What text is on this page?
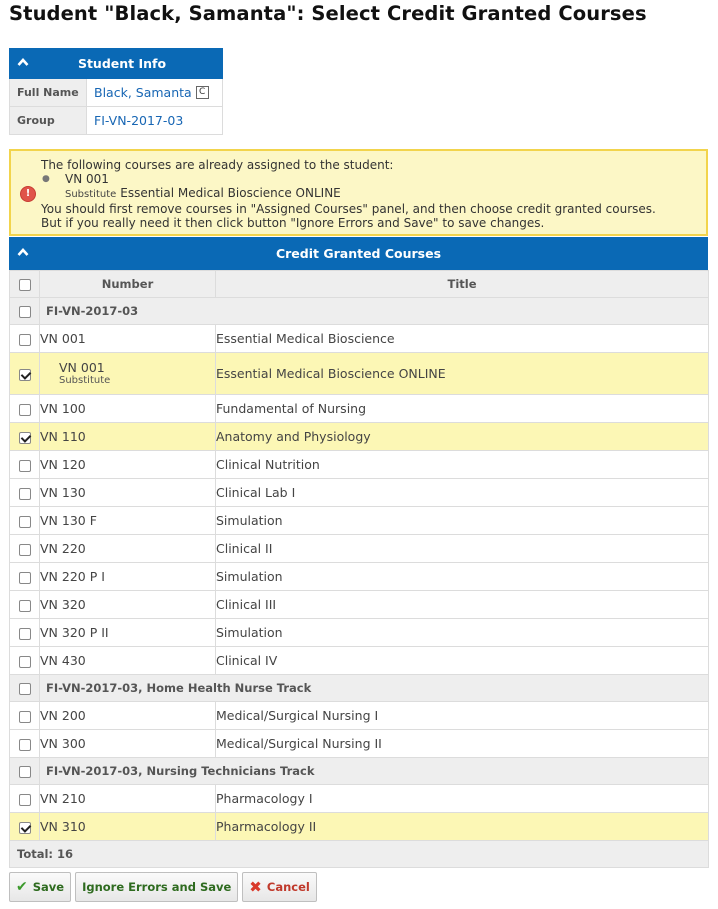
Student "Black, Samanta": Select Credit Granted Courses
Student Info
Full Name	Black, Samanta C
Group	FI-VN-2017-03
!
The following courses are already assigned to the student:
● VN 001
Substitute Essential Medical Bioscience ONLINE
You should first remove courses in "Assigned Courses" panel, and then choose credit granted courses.
But if you really need it then click button "Ignore Errors and Save" to save changes.
Credit Granted Courses
	Number	Title
	FI-VN-2017-03	
	VN 001	Essential Medical Bioscience
	VN 001
Substitute	Essential Medical Bioscience ONLINE
	VN 100	Fundamental of Nursing
	VN 110	Anatomy and Physiology
	VN 120	Clinical Nutrition
	VN 130	Clinical Lab I
	VN 130 F	Simulation
	VN 220	Clinical II
	VN 220 P I	Simulation
	VN 320	Clinical III
	VN 320 P II	Simulation
	VN 430	Clinical IV
	FI-VN-2017-03, Home Health Nurse Track	
	VN 200	Medical/Surgical Nursing I
	VN 300	Medical/Surgical Nursing II
	FI-VN-2017-03, Nursing Technicians Track	
	VN 210	Pharmacology I
	VN 310	Pharmacology II
Total: 16		
✔ Save Ignore Errors and Save ✖ Cancel
